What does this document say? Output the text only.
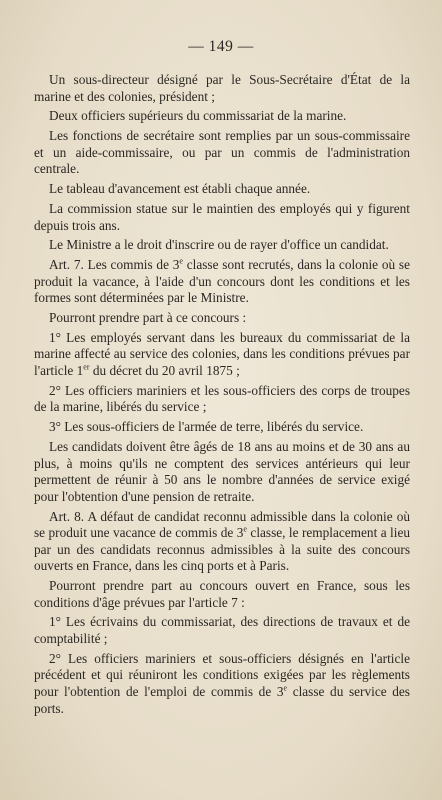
— 149 —

Un sous-directeur désigné par le Sous-Secrétaire d'État de la marine et des colonies, président ;

Deux officiers supérieurs du commissariat de la marine.

Les fonctions de secrétaire sont remplies par un sous-commissaire et un aide-commissaire, ou par un commis de l'administration centrale.

Le tableau d'avancement est établi chaque année.

La commission statue sur le maintien des employés qui y figurent depuis trois ans.

Le Ministre a le droit d'inscrire ou de rayer d'office un candidat.

Art. 7. Les commis de 3e classe sont recrutés, dans la colonie où se produit la vacance, à l'aide d'un concours dont les conditions et les formes sont déterminées par le Ministre.

Pourront prendre part à ce concours :

1° Les employés servant dans les bureaux du commissariat de la marine affecté au service des colonies, dans les conditions prévues par l'article 1er du décret du 20 avril 1875 ;

2° Les officiers mariniers et les sous-officiers des corps de troupes de la marine, libérés du service ;

3° Les sous-officiers de l'armée de terre, libérés du service.

Les candidats doivent être âgés de 18 ans au moins et de 30 ans au plus, à moins qu'ils ne comptent des services antérieurs qui leur permettent de réunir à 50 ans le nombre d'années de service exigé pour l'obtention d'une pension de retraite.

Art. 8. A défaut de candidat reconnu admissible dans la colonie où se produit une vacance de commis de 3e classe, le remplacement a lieu par un des candidats reconnus admissibles à la suite des concours ouverts en France, dans les cinq ports et à Paris.

Pourront prendre part au concours ouvert en France, sous les conditions d'âge prévues par l'article 7 :

1° Les écrivains du commissariat, des directions de travaux et de comptabilité ;

2° Les officiers mariniers et sous-officiers désignés en l'article précédent et qui réuniront les conditions exigées par les règlements pour l'obtention de l'emploi de commis de 3e classe du service des ports.
